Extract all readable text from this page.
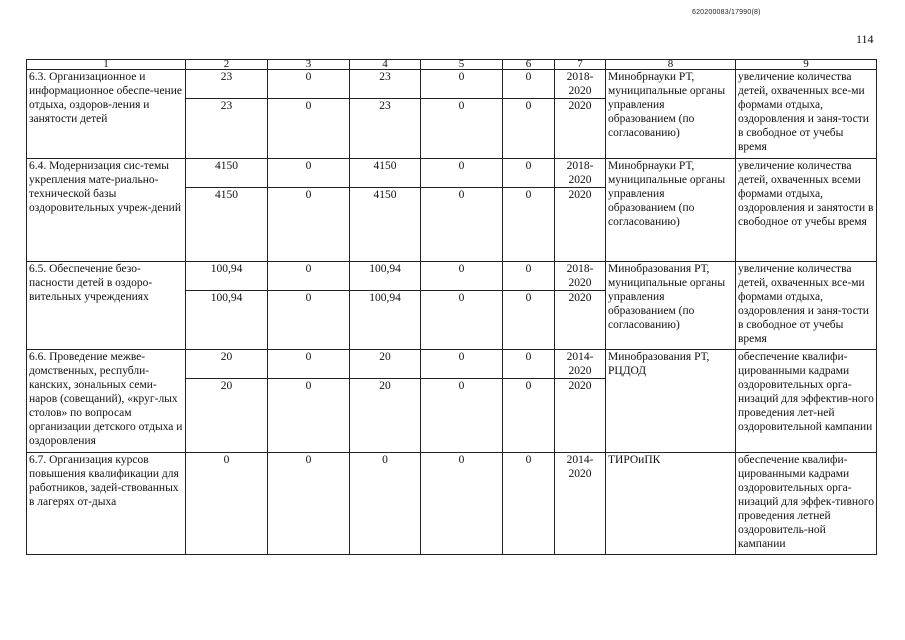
620200083/17990(8)
114
1	2	3	4	5	6	7	8	9
6.3. Организационное и информационное обеспе-чение отдыха, оздоров-ления и занятости детей	23	0	23	0	0	2018-2020	Минобрнауки РТ, муниципальные органы управления образованием (по согласованию)	увеличение количества детей, охваченных все-ми формами отдыха, оздоровления и заня-тости в свободное от учебы время
	23	0	23	0	0	2020		
6.4. Модернизация сис-темы укрепления мате-риально-технической базы оздоровительных учреж-дений	4150	0	4150	0	0	2018-2020	Минобрнауки РТ, муниципальные органы управления образованием (по согласованию)	увеличение количества детей, охваченных всеми формами отдыха, оздоровления и занятости в свободное от учебы время
	4150	0	4150	0	0	2020		
6.5. Обеспечение безо-пасности детей в оздоро-вительных учреждениях	100,94	0	100,94	0	0	2018-2020	Минобразования РТ, муниципальные органы управления образованием (по согласованию)	увеличение количества детей, охваченных все-ми формами отдыха, оздоровления и заня-тости в свободное от учебы время
	100,94	0	100,94	0	0	2020		
6.6. Проведение межве-домственных, республи-канских, зональных семи-наров (совещаний), «круг-лых столов» по вопросам организации детского отдыха и оздоровления	20	0	20	0	0	2014-2020	Минобразования РТ, РЦДОД	обеспечение квалифи-цированными кадрами оздоровительных орга-низаций для эффектив-ного проведения лет-ней оздоровительной кампании
	20	0	20	0	0	2020		
6.7. Организация курсов повышения квалификации для работников, задей-ствованных в лагерях от-дыха	0	0	0	0	0	2014-2020	ТИРОиПК	обеспечение квалифи-цированными кадрами оздоровительных орга-низаций для эффек-тивного проведения летней оздоровитель-ной кампании
